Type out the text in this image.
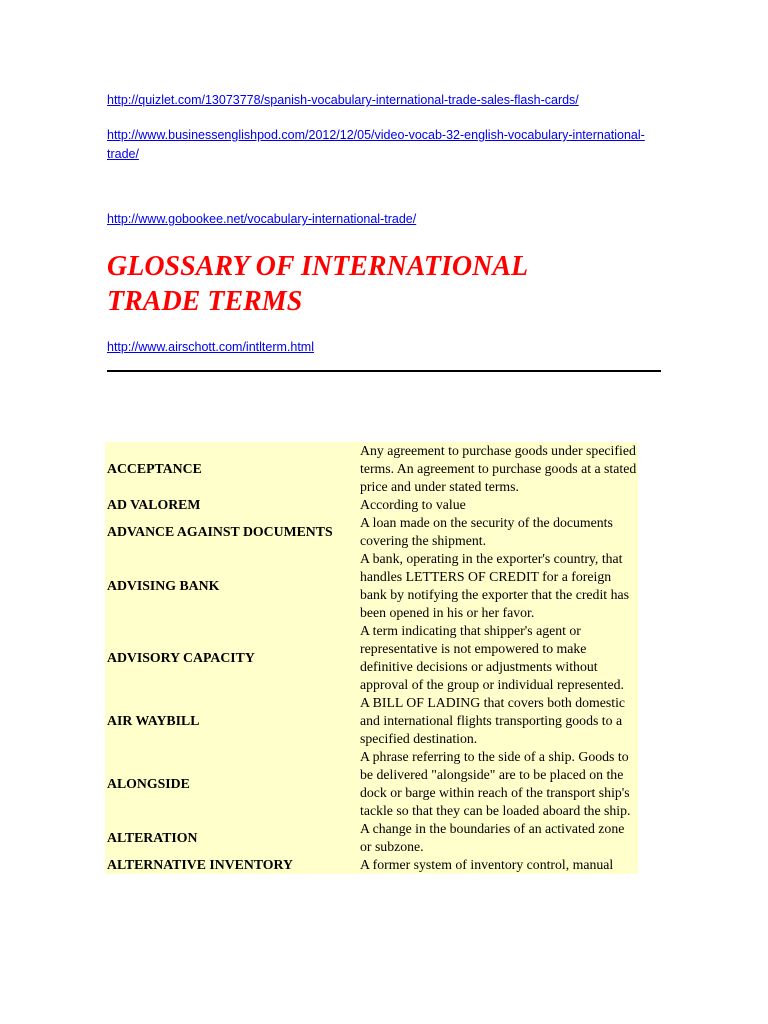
http://quizlet.com/13073778/spanish-vocabulary-international-trade-sales-flash-cards/
http://www.businessenglishpod.com/2012/12/05/video-vocab-32-english-vocabulary-international-trade/
http://www.gobookee.net/vocabulary-international-trade/
GLOSSARY OF INTERNATIONAL
TRADE TERMS
http://www.airschott.com/intlterm.html
ACCEPTANCE	Any agreement to purchase goods under specified terms. An agreement to purchase goods at a stated price and under stated terms.
AD VALOREM	According to value
ADVANCE AGAINST DOCUMENTS	A loan made on the security of the documents covering the shipment.
ADVISING BANK	A bank, operating in the exporter's country, that handles LETTERS OF CREDIT for a foreign bank by notifying the exporter that the credit has been opened in his or her favor.
ADVISORY CAPACITY	A term indicating that shipper's agent or representative is not empowered to make definitive decisions or adjustments without approval of the group or individual represented.
AIR WAYBILL	A BILL OF LADING that covers both domestic and international flights transporting goods to a specified destination.
ALONGSIDE	A phrase referring to the side of a ship. Goods to be delivered "alongside" are to be placed on the dock or barge within reach of the transport ship's tackle so that they can be loaded aboard the ship.
ALTERATION	A change in the boundaries of an activated zone or subzone.
ALTERNATIVE INVENTORY	A former system of inventory control, manual
